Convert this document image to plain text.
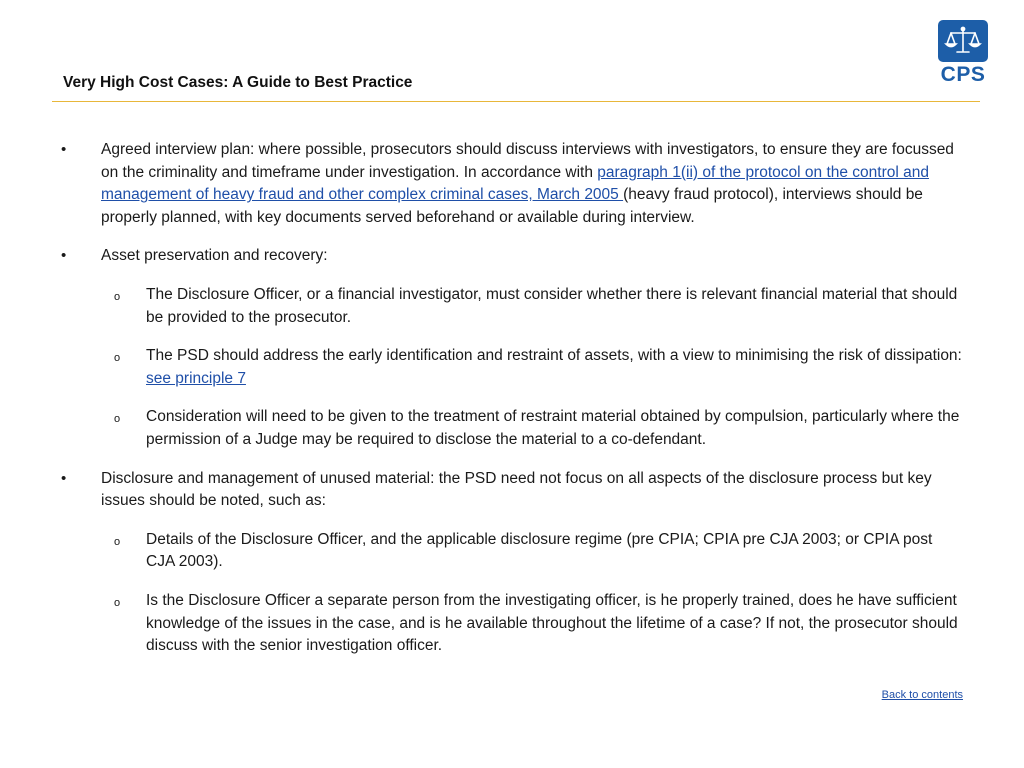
Very High Cost Cases: A Guide to Best Practice	CPS
• Agreed interview plan: where possible, prosecutors should discuss interviews with investigators, to ensure they are focussed on the criminality and timeframe under investigation. In accordance with paragraph 1(ii) of the protocol on the control and management of heavy fraud and other complex criminal cases, March 2005 (heavy fraud protocol), interviews should be properly planned, with key documents served beforehand or available during interview.
• Asset preservation and recovery:
o The Disclosure Officer, or a financial investigator, must consider whether there is relevant financial material that should be provided to the prosecutor.
o The PSD should address the early identification and restraint of assets, with a view to minimising the risk of dissipation: see principle 7
o Consideration will need to be given to the treatment of restraint material obtained by compulsion, particularly where the permission of a Judge may be required to disclose the material to a co-defendant.
• Disclosure and management of unused material: the PSD need not focus on all aspects of the disclosure process but key issues should be noted, such as:
o Details of the Disclosure Officer, and the applicable disclosure regime (pre CPIA; CPIA pre CJA 2003; or CPIA post CJA 2003).
o Is the Disclosure Officer a separate person from the investigating officer, is he properly trained, does he have sufficient knowledge of the issues in the case, and is he available throughout the lifetime of a case? If not, the prosecutor should discuss with the senior investigation officer.
Back to contents
